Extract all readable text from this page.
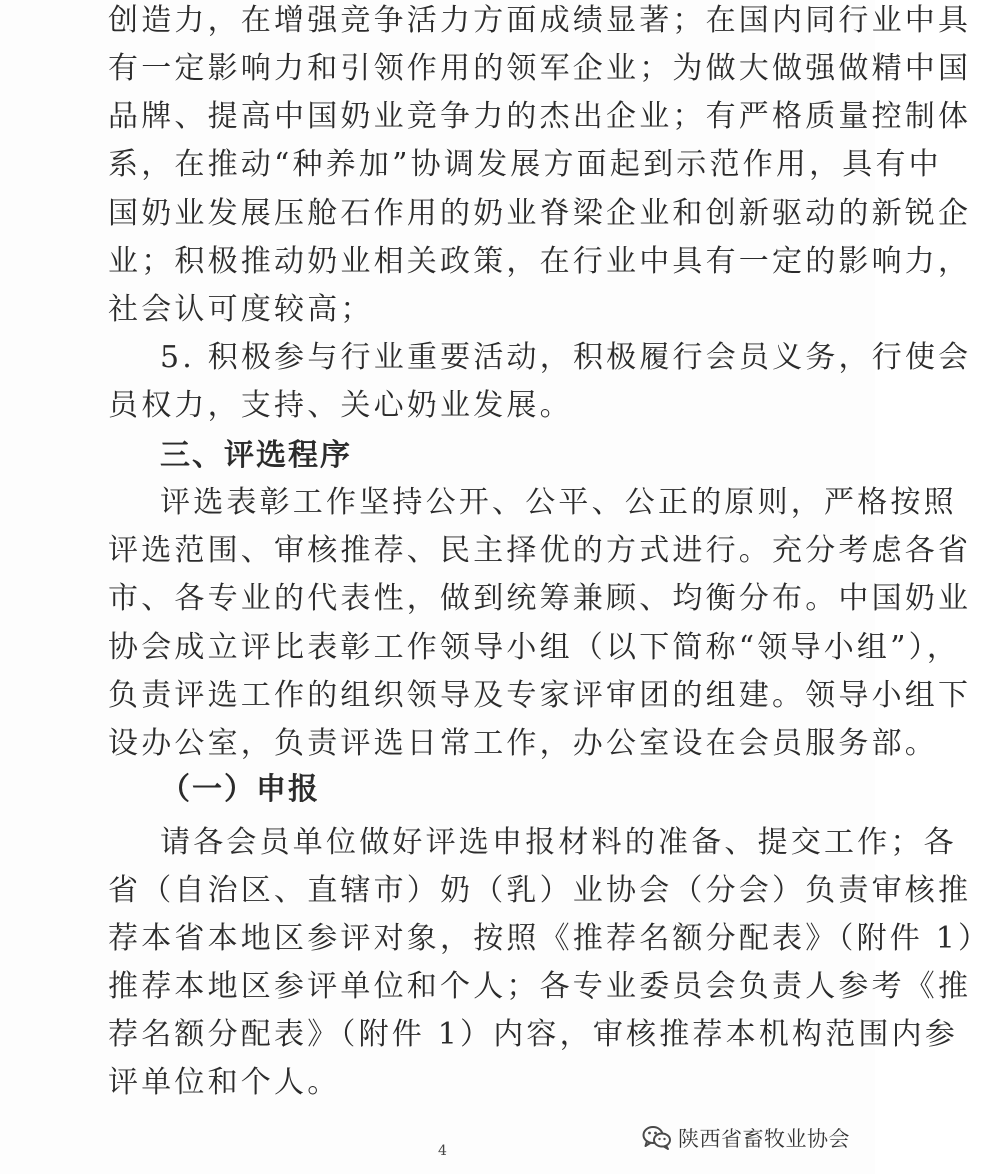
创造力，在增强竞争活力方面成绩显著；在国内同行业中具
有一定影响力和引领作用的领军企业；为做大做强做精中国
品牌、提高中国奶业竞争力的杰出企业；有严格质量控制体
系，在推动“种养加”协调发展方面起到示范作用，具有中
国奶业发展压舱石作用的奶业脊梁企业和创新驱动的新锐企
业；积极推动奶业相关政策，在行业中具有一定的影响力，
社会认可度较高；
5. 积极参与行业重要活动，积极履行会员义务，行使会
员权力，支持、关心奶业发展。
三、评选程序
评选表彰工作坚持公开、公平、公正的原则，严格按照
评选范围、审核推荐、民主择优的方式进行。充分考虑各省
市、各专业的代表性，做到统筹兼顾、均衡分布。中国奶业
协会成立评比表彰工作领导小组（以下简称“领导小组”），
负责评选工作的组织领导及专家评审团的组建。领导小组下
设办公室，负责评选日常工作，办公室设在会员服务部。
（一）申报
请各会员单位做好评选申报材料的准备、提交工作；各
省（自治区、直辖市）奶（乳）业协会（分会）负责审核推
荐本省本地区参评对象，按照《推荐名额分配表》（附件 1）
推荐本地区参评单位和个人；各专业委员会负责人参考《推
荐名额分配表》（附件 1）内容，审核推荐本机构范围内参
评单位和个人。
4	陕西省畜牧业协会
